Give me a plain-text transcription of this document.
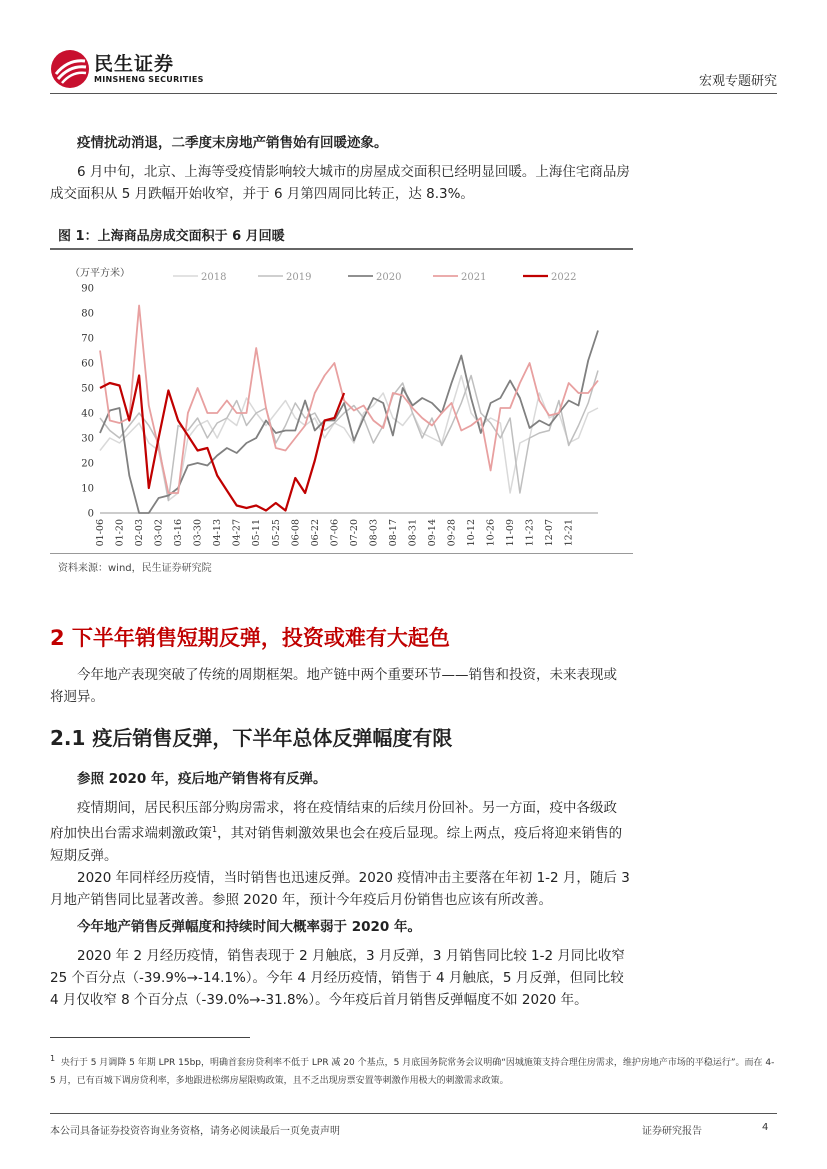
民生证券
MINSHENG SECURITIES	宏观专题研究
疫情扰动消退，二季度末房地产销售始有回暖迹象。
6 月中旬，北京、上海等受疫情影响较大城市的房屋成交面积已经明显回暖。上海住宅商品房成交面积从 5 月跌幅开始收窄，并于 6 月第四周同比转正，达 8.3%。
图 1：上海商品房成交面积于 6 月回暖
（万平方米）	2018	2019	2020	2021	2022
0
10
20
30
40
50
60
70
80
90
01-06 01-20 02-03 03-02 03-16 03-30 04-13 04-27 05-11 05-25 06-08 06-22 07-06 07-20 08-03 08-17 08-31 09-14 09-28 10-12 10-26 11-09 11-23 12-07 12-21
资料来源：wind，民生证券研究院
2 下半年销售短期反弹，投资或难有大起色
今年地产表现突破了传统的周期框架。地产链中两个重要环节——销售和投资，未来表现或将迥异。
2.1 疫后销售反弹，下半年总体反弹幅度有限
参照 2020 年，疫后地产销售将有反弹。
疫情期间，居民积压部分购房需求，将在疫情结束的后续月份回补。另一方面，疫中各级政府加快出台需求端刺激政策$^1$，其对销售刺激效果也会在疫后显现。综上两点，疫后将迎来销售的短期反弹。
2020 年同样经历疫情，当时销售也迅速反弹。2020 疫情冲击主要落在年初 1-2 月，随后 3 月地产销售同比显著改善。参照 2020 年，预计今年疫后月份销售也应该有所改善。
今年地产销售反弹幅度和持续时间大概率弱于 2020 年。
2020 年 2 月经历疫情，销售表现于 2 月触底，3 月反弹，3 月销售同比较 1-2 月同比收窄 25 个百分点（-39.9%→-14.1%）。今年 4 月经历疫情，销售于 4 月触底，5 月反弹，但同比较 4 月仅收窄 8 个百分点（-39.0%→-31.8%）。今年疫后首月销售反弹幅度不如 2020 年。
$^1$ 央行于 5 月调降 5 年期 LPR 15bp，明确首套房贷利率不低于 LPR 减 20 个基点，5 月底国务院常务会议明确“因城施策支持合理住房需求，维护房地产市场的平稳运行”。而在 4-5 月，已有百城下调房贷利率，多地跟进松绑房屋限购政策，且不乏出现房票安置等刺激作用极大的刺激需求政策。
本公司具备证券投资咨询业务资格，请务必阅读最后一页免责声明	证券研究报告	4
